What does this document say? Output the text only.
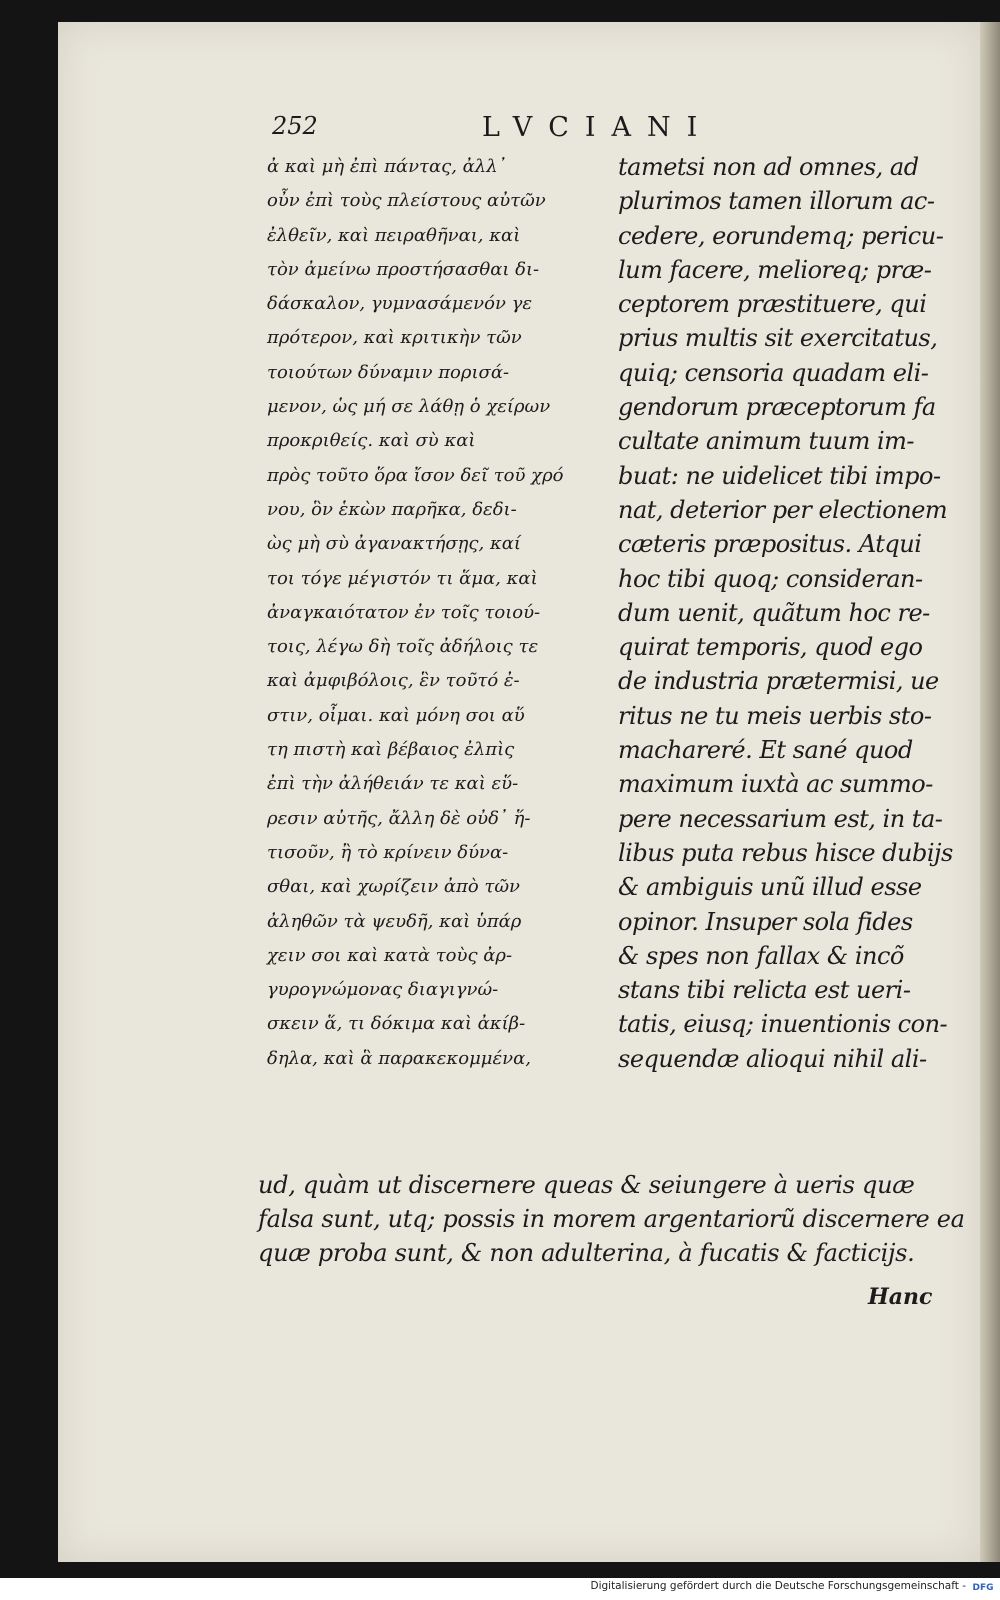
252	LVCIANI
ἀ καὶ μὴ ἐπὶ πάντας, ἀλλ᾽
οὖν ἐπὶ τοὺς πλείστους αὐτῶν
ἐλθεῖν, καὶ πειραθῆναι, καὶ
τὸν ἀμείνω προστήσασθαι δι-
δάσκαλον, γυμνασάμενόν γε
πρότερον, καὶ κριτικὴν τῶν
τοιούτων δύναμιν πορισά-
μενον, ὡς μή σε λάθῃ ὁ χείρων
προκριθείς. καὶ σὺ καὶ
πρὸς τοῦτο ὅρα ἴσον δεῖ τοῦ χρό
νου, ὃν ἑκὼν παρῆκα, δεδι-
ὼς μὴ σὺ ἀγανακτήσῃς, καί
τοι τόγε μέγιστόν τι ἅμα, καὶ
ἀναγκαιότατον ἐν τοῖς τοιού-
τοις, λέγω δὴ τοῖς ἀδήλοις τε
καὶ ἀμφιβόλοις, ἓν τοῦτό ἐ-
στιν, οἶμαι. καὶ μόνη σοι αὕ
τη πιστὴ καὶ βέβαιος ἐλπὶς
ἐπὶ τὴν ἀλήθειάν τε καὶ εὕ-
ρεσιν αὐτῆς, ἄλλη δὲ οὐδ᾽ ἥ-
τισοῦν, ἢ τὸ κρίνειν δύνα-
σθαι, καὶ χωρίζειν ἀπὸ τῶν
ἀληθῶν τὰ ψευδῆ, καὶ ὑπάρ
χειν σοι καὶ κατὰ τοὺς ἀρ-
γυρογνώμονας διαγιγνώ-
σκειν ἅ, τι δόκιμα καὶ ἀκίβ-
δηλα, καὶ ἃ παρακεκομμένα,
tametsi non ad omnes, ad
plurimos tamen illorum ac-
cedere, eorundemq; pericu-
lum facere, melioreq; præ-
ceptorem præstituere, qui
prius multis sit exercitatus,
quiq; censoria quadam eli-
gendorum præceptorum fa
cultate animum tuum im-
buat: ne uidelicet tibi impo-
nat, deterior per electionem
cæteris præpositus. Atqui
hoc tibi quoq; consideran-
dum uenit, quãtum hoc re-
quirat temporis, quod ego
de industria prætermisi, ue
ritus ne tu meis uerbis sto-
machareré. Et sané quod
maximum iuxtà ac summo-
pere necessarium est, in ta-
libus puta rebus hisce dubijs
& ambiguis unũ illud esse
opinor. Insuper sola fides
& spes non fallax & incõ
stans tibi relicta est ueri-
tatis, eiusq; inuentionis con-
sequendæ alioqui nihil ali-
ud, quàm ut discernere queas & seiungere à ueris quæ
falsa sunt, utq; possis in morem argentariorũ discernere ea
quæ proba sunt, & non adulterina, à fucatis & facticijs.
Hanc
Digitalisierung gefördert durch die Deutsche Forschungsgemeinschaft - DFG
